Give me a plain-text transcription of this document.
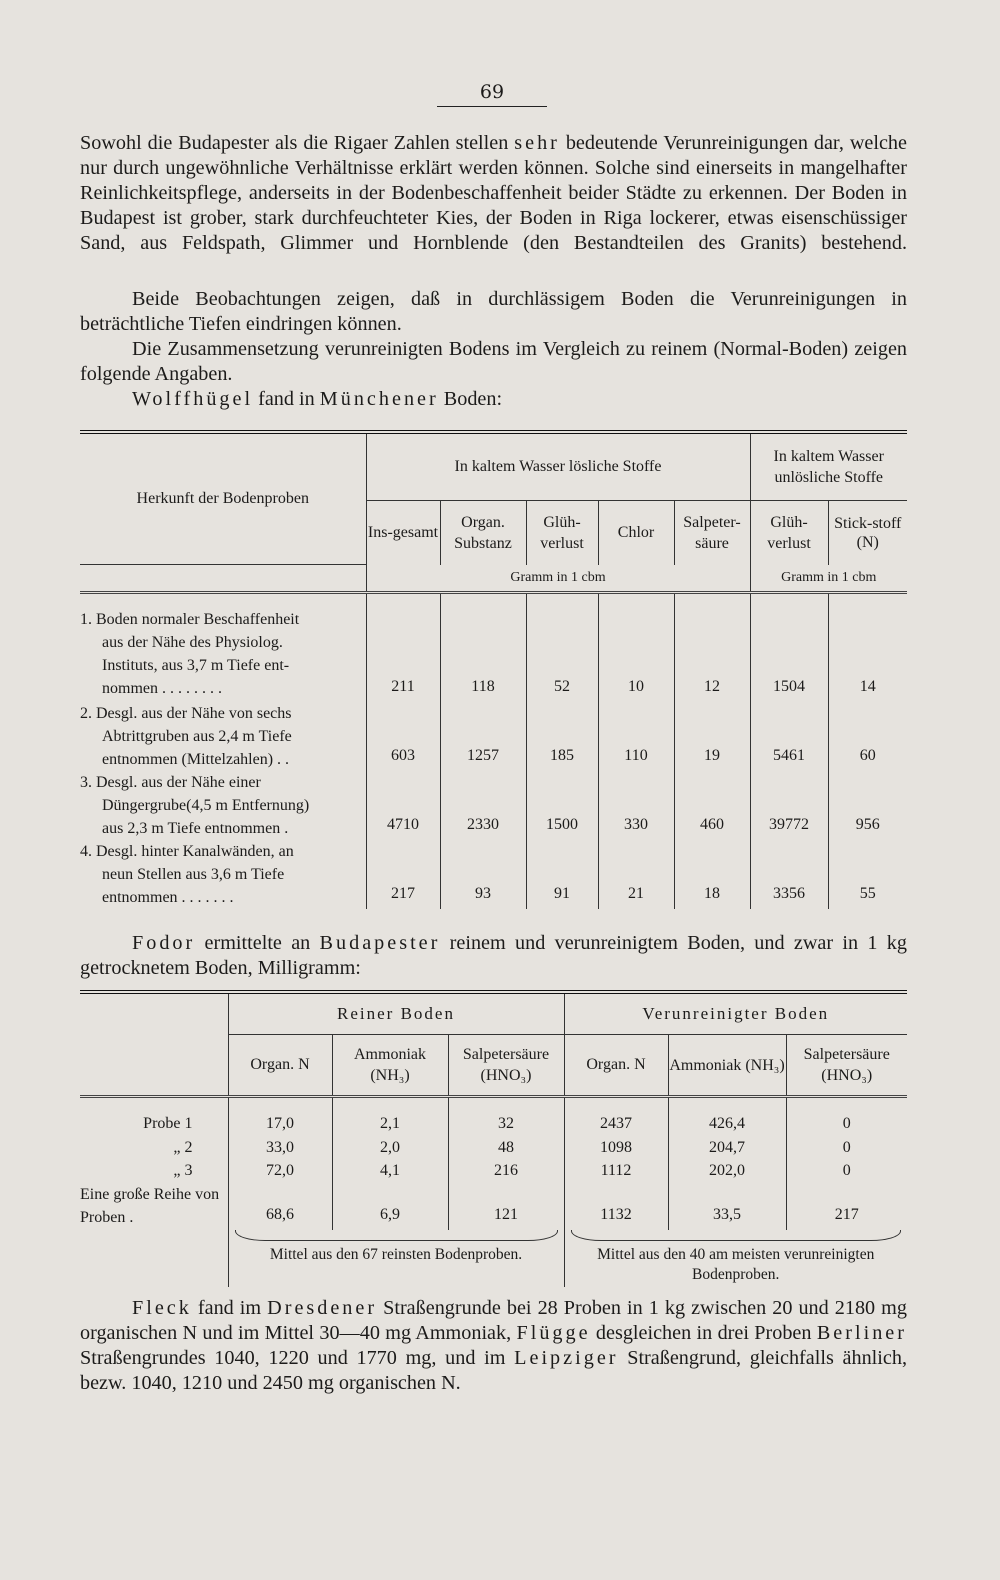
69

Sowohl die Budapester als die Rigaer Zahlen stellen sehr bedeutende Verunreinigungen dar, welche nur durch ungewöhnliche Verhältnisse erklärt werden können. Solche sind einerseits in mangelhafter Reinlichkeitspflege, anderseits in der Bodenbeschaffenheit beider Städte zu erkennen. Der Boden in Budapest ist grober, stark durchfeuchteter Kies, der Boden in Riga lockerer, etwas eisenschüssiger Sand, aus Feldspath, Glimmer und Hornblende (den Bestandteilen des Granits) bestehend.

Beide Beobachtungen zeigen, daß in durchlässigem Boden die Verunreinigungen in beträchtliche Tiefen eindringen können.

Die Zusammensetzung verunreinigten Bodens im Vergleich zu reinem (Normal-Boden) zeigen folgende Angaben.

Wolffhügel fand in Münchener Boden:

Herkunft der Bodenproben	In kaltem Wasser lösliche Stoffe					In kaltem Wasser unlösliche Stoffe	
	Ins-gesamt	Organ. Substanz	Glüh-verlust	Chlor	Salpeter-säure	Glüh-verlust	Stick-stoff (N)
	Gramm in 1 cbm					Gramm in 1 cbm	

1. Boden normaler Beschaffenheit
aus der Nähe des Physiolog.
Instituts, aus 3,7 m Tiefe ent-
nommen . . . . . . . .	211	118	52	10	12	1504	14

2. Desgl. aus der Nähe von sechs
Abtrittgruben aus 2,4 m Tiefe
entnommen (Mittelzahlen) . .	603	1257	185	110	19	5461	60

3. Desgl. aus der Nähe einer
Düngergrube(4,5 m Entfernung)
aus 2,3 m Tiefe entnommen .	4710	2330	1500	330	460	39772	956

4. Desgl. hinter Kanalwänden, an
neun Stellen aus 3,6 m Tiefe
entnommen . . . . . . .	217	93	91	21	18	3356	55

Fodor ermittelte an Budapester reinem und verunreinigtem Boden, und zwar in 1 kg getrocknetem Boden, Milligramm:

	Reiner Boden			Verunreinigter Boden		
	Organ. N	Ammoniak (NH₃)	Salpetersäure (HNO₃)	Organ. N	Ammoniak (NH₃)	Salpetersäure (HNO₃)
Probe 1	17,0	2,1	32	2437	426,4	0
„ 2	33,0	2,0	48	1098	204,7	0
„ 3	72,0	4,1	216	1112	202,0	0
Eine große Reihe von Proben .	68,6	6,9	121	1132	33,5	217

	Mittel aus den 67 reinsten Bodenproben.			Mittel aus den 40 am meisten verunreinigten Bodenproben.		

Fleck fand im Dresdener Straßengrunde bei 28 Proben in 1 kg zwischen 20 und 2180 mg organischen N und im Mittel 30—40 mg Ammoniak, Flügge desgleichen in drei Proben Berliner Straßengrundes 1040, 1220 und 1770 mg, und im Leipziger Straßengrund, gleichfalls ähnlich, bezw. 1040, 1210 und 2450 mg organischen N.
